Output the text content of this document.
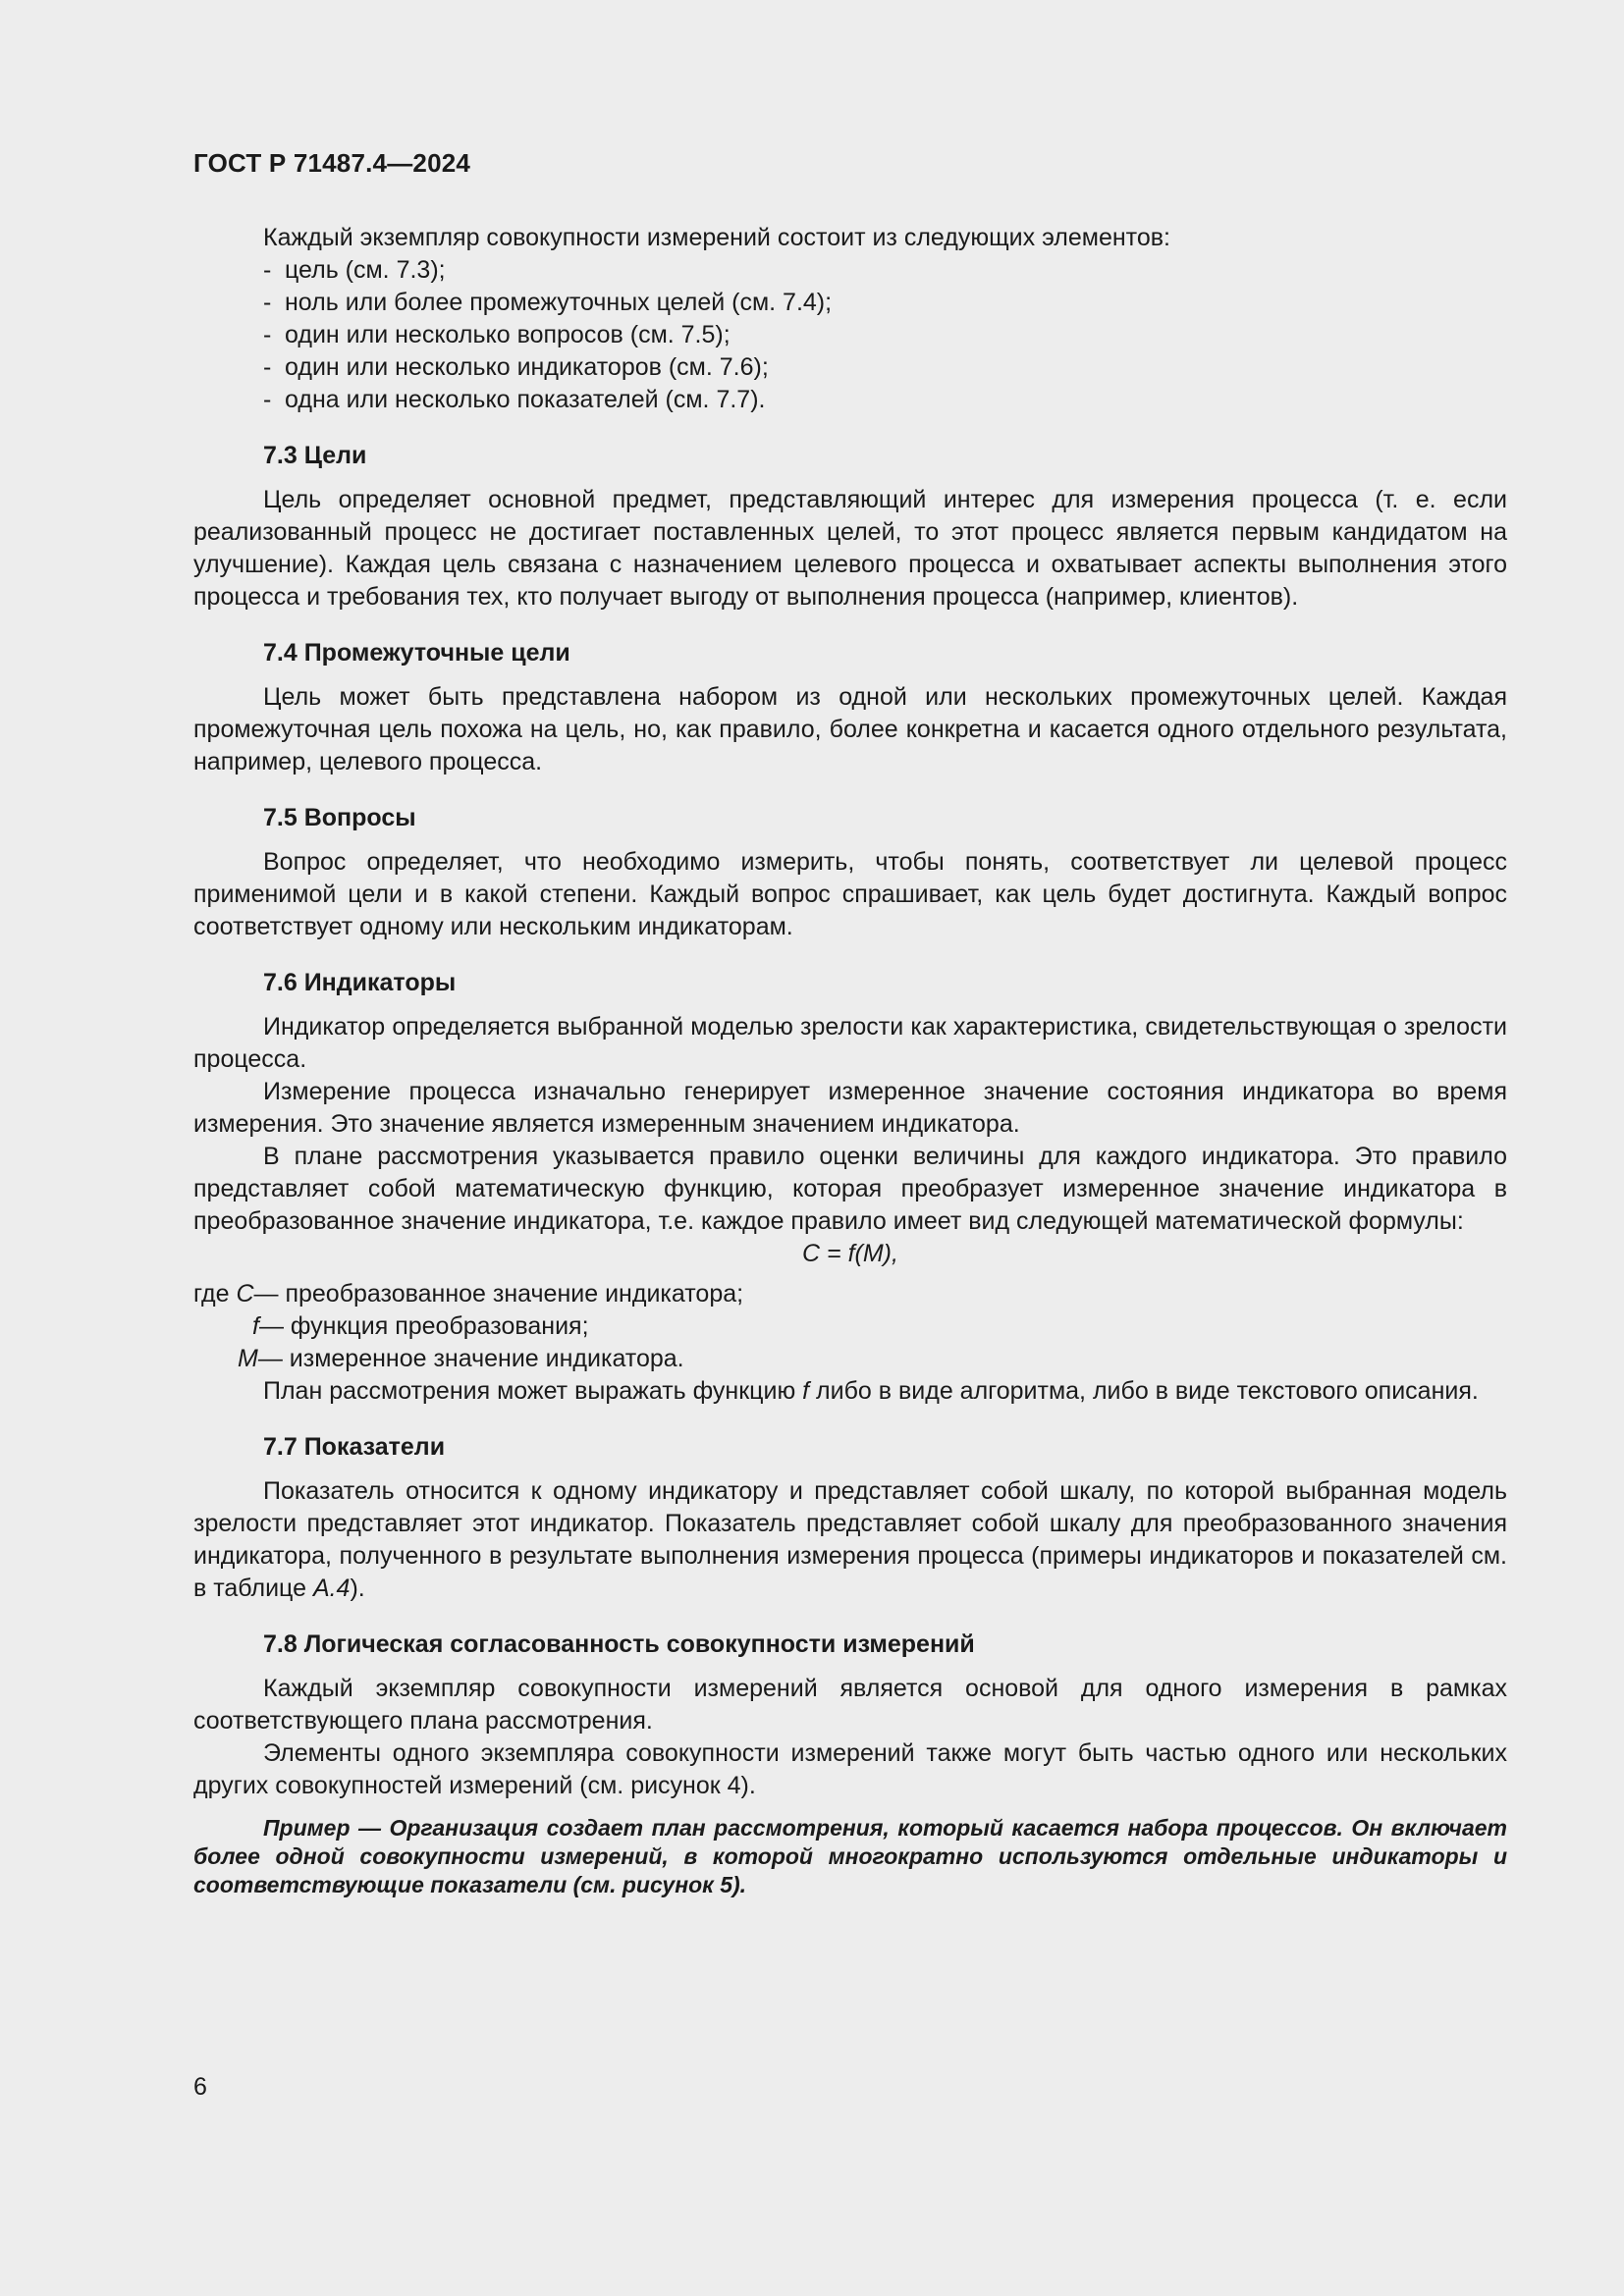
ГОСТ Р 71487.4—2024

Каждый экземпляр совокупности измерений состоит из следующих элементов:

- цель (см. 7.3);
- ноль или более промежуточных целей (см. 7.4);
- один или несколько вопросов (см. 7.5);
- один или несколько индикаторов (см. 7.6);
- одна или несколько показателей (см. 7.7).
7.3 Цели

Цель определяет основной предмет, представляющий интерес для измерения процесса (т. е. если реализованный процесс не достигает поставленных целей, то этот процесс является первым кандидатом на улучшение). Каждая цель связана с назначением целевого процесса и охватывает аспекты выполнения этого процесса и требования тех, кто получает выгоду от выполнения процесса (например, клиентов).

7.4 Промежуточные цели

Цель может быть представлена набором из одной или нескольких промежуточных целей. Каждая промежуточная цель похожа на цель, но, как правило, более конкретна и касается одного отдельного результата, например, целевого процесса.

7.5 Вопросы

Вопрос определяет, что необходимо измерить, чтобы понять, соответствует ли целевой процесс применимой цели и в какой степени. Каждый вопрос спрашивает, как цель будет достигнута. Каждый вопрос соответствует одному или нескольким индикаторам.

7.6 Индикаторы

Индикатор определяется выбранной моделью зрелости как характеристика, свидетельствующая о зрелости процесса.

Измерение процесса изначально генерирует измеренное значение состояния индикатора во время измерения. Это значение является измеренным значением индикатора.

В плане рассмотрения указывается правило оценки величины для каждого индикатора. Это правило представляет собой математическую функцию, которая преобразует измеренное значение индикатора в преобразованное значение индикатора, т.е. каждое правило имеет вид следующей математической формулы:

C = f(M),

где
C — преобразованное значение индикатора;
f — функция преобразования;
M — измеренное значение индикатора.

План рассмотрения может выражать функцию f либо в виде алгоритма, либо в виде текстового описания.

7.7 Показатели

Показатель относится к одному индикатору и представляет собой шкалу, по которой выбранная модель зрелости представляет этот индикатор. Показатель представляет собой шкалу для преобразованного значения индикатора, полученного в результате выполнения измерения процесса (примеры индикаторов и показателей см. в таблице А.4).

7.8 Логическая согласованность совокупности измерений

Каждый экземпляр совокупности измерений является основой для одного измерения в рамках соответствующего плана рассмотрения.

Элементы одного экземпляра совокупности измерений также могут быть частью одного или нескольких других совокупностей измерений (см. рисунок 4).

Пример — Организация создает план рассмотрения, который касается набора процессов. Он включает более одной совокупности измерений, в которой многократно используются отдельные индикаторы и соответствующие показатели (см. рисунок 5).

6
